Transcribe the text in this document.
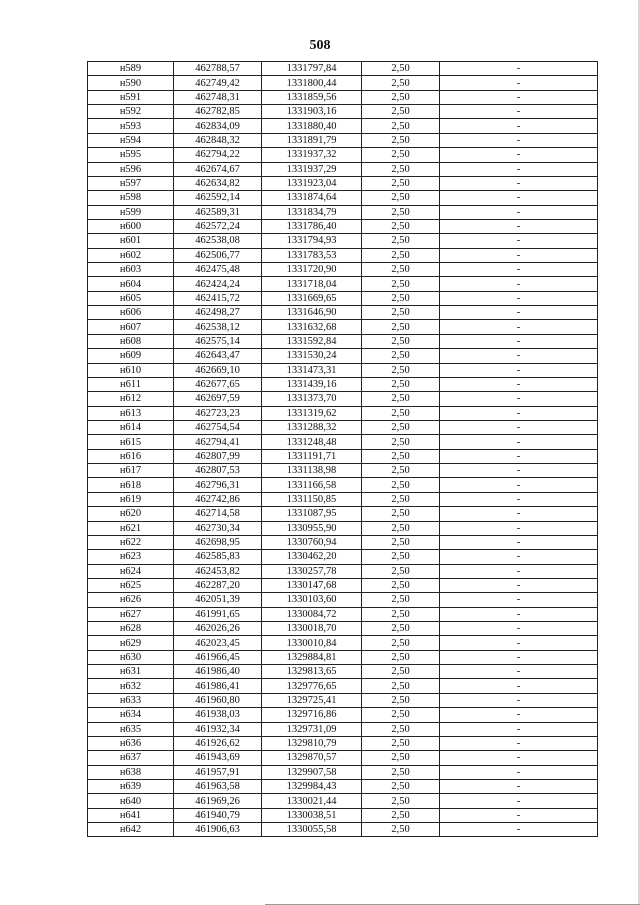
508
н589	462788,57	1331797,84	2,50	-
н590	462749,42	1331800,44	2,50	-
н591	462748,31	1331859,56	2,50	-
н592	462782,85	1331903,16	2,50	-
н593	462834,09	1331880,40	2,50	-
н594	462848,32	1331891,79	2,50	-
н595	462794,22	1331937,32	2,50	-
н596	462674,67	1331937,29	2,50	-
н597	462634,82	1331923,04	2,50	-
н598	462592,14	1331874,64	2,50	-
н599	462589,31	1331834,79	2,50	-
н600	462572,24	1331786,40	2,50	-
н601	462538,08	1331794,93	2,50	-
н602	462506,77	1331783,53	2,50	-
н603	462475,48	1331720,90	2,50	-
н604	462424,24	1331718,04	2,50	-
н605	462415,72	1331669,65	2,50	-
н606	462498,27	1331646,90	2,50	-
н607	462538,12	1331632,68	2,50	-
н608	462575,14	1331592,84	2,50	-
н609	462643,47	1331530,24	2,50	-
н610	462669,10	1331473,31	2,50	-
н611	462677,65	1331439,16	2,50	-
н612	462697,59	1331373,70	2,50	-
н613	462723,23	1331319,62	2,50	-
н614	462754,54	1331288,32	2,50	-
н615	462794,41	1331248,48	2,50	-
н616	462807,99	1331191,71	2,50	-
н617	462807,53	1331138,98	2,50	-
н618	462796,31	1331166,58	2,50	-
н619	462742,86	1331150,85	2,50	-
н620	462714,58	1331087,95	2,50	-
н621	462730,34	1330955,90	2,50	-
н622	462698,95	1330760,94	2,50	-
н623	462585,83	1330462,20	2,50	-
н624	462453,82	1330257,78	2,50	-
н625	462287,20	1330147,68	2,50	-
н626	462051,39	1330103,60	2,50	-
н627	461991,65	1330084,72	2,50	-
н628	462026,26	1330018,70	2,50	-
н629	462023,45	1330010,84	2,50	-
н630	461966,45	1329884,81	2,50	-
н631	461986,40	1329813,65	2,50	-
н632	461986,41	1329776,65	2,50	-
н633	461960,80	1329725,41	2,50	-
н634	461938,03	1329716,86	2,50	-
н635	461932,34	1329731,09	2,50	-
н636	461926,62	1329810,79	2,50	-
н637	461943,69	1329870,57	2,50	-
н638	461957,91	1329907,58	2,50	-
н639	461963,58	1329984,43	2,50	-
н640	461969,26	1330021,44	2,50	-
н641	461940,79	1330038,51	2,50	-
н642	461906,63	1330055,58	2,50	-
